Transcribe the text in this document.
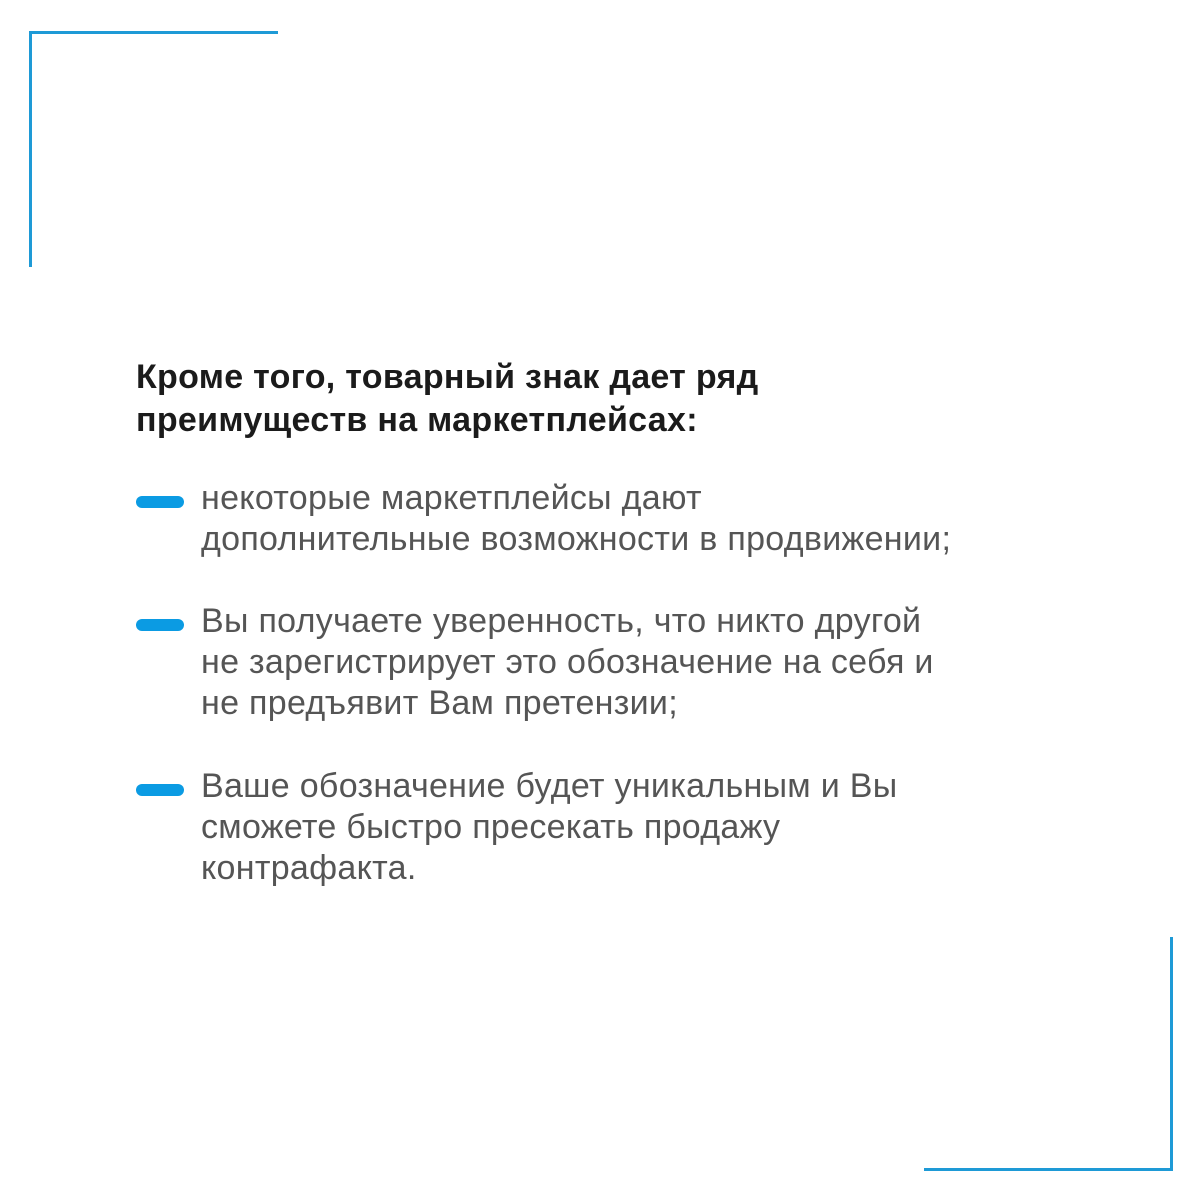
Кроме того, товарный знак дает ряд
преимуществ на маркетплейсах:
некоторые маркетплейсы дают
дополнительные возможности в продвижении;
Вы получаете уверенность, что никто другой
не зарегистрирует это обозначение на себя и
не предъявит Вам претензии;
Ваше обозначение будет уникальным и Вы
сможете быстро пресекать продажу
контрафакта.
